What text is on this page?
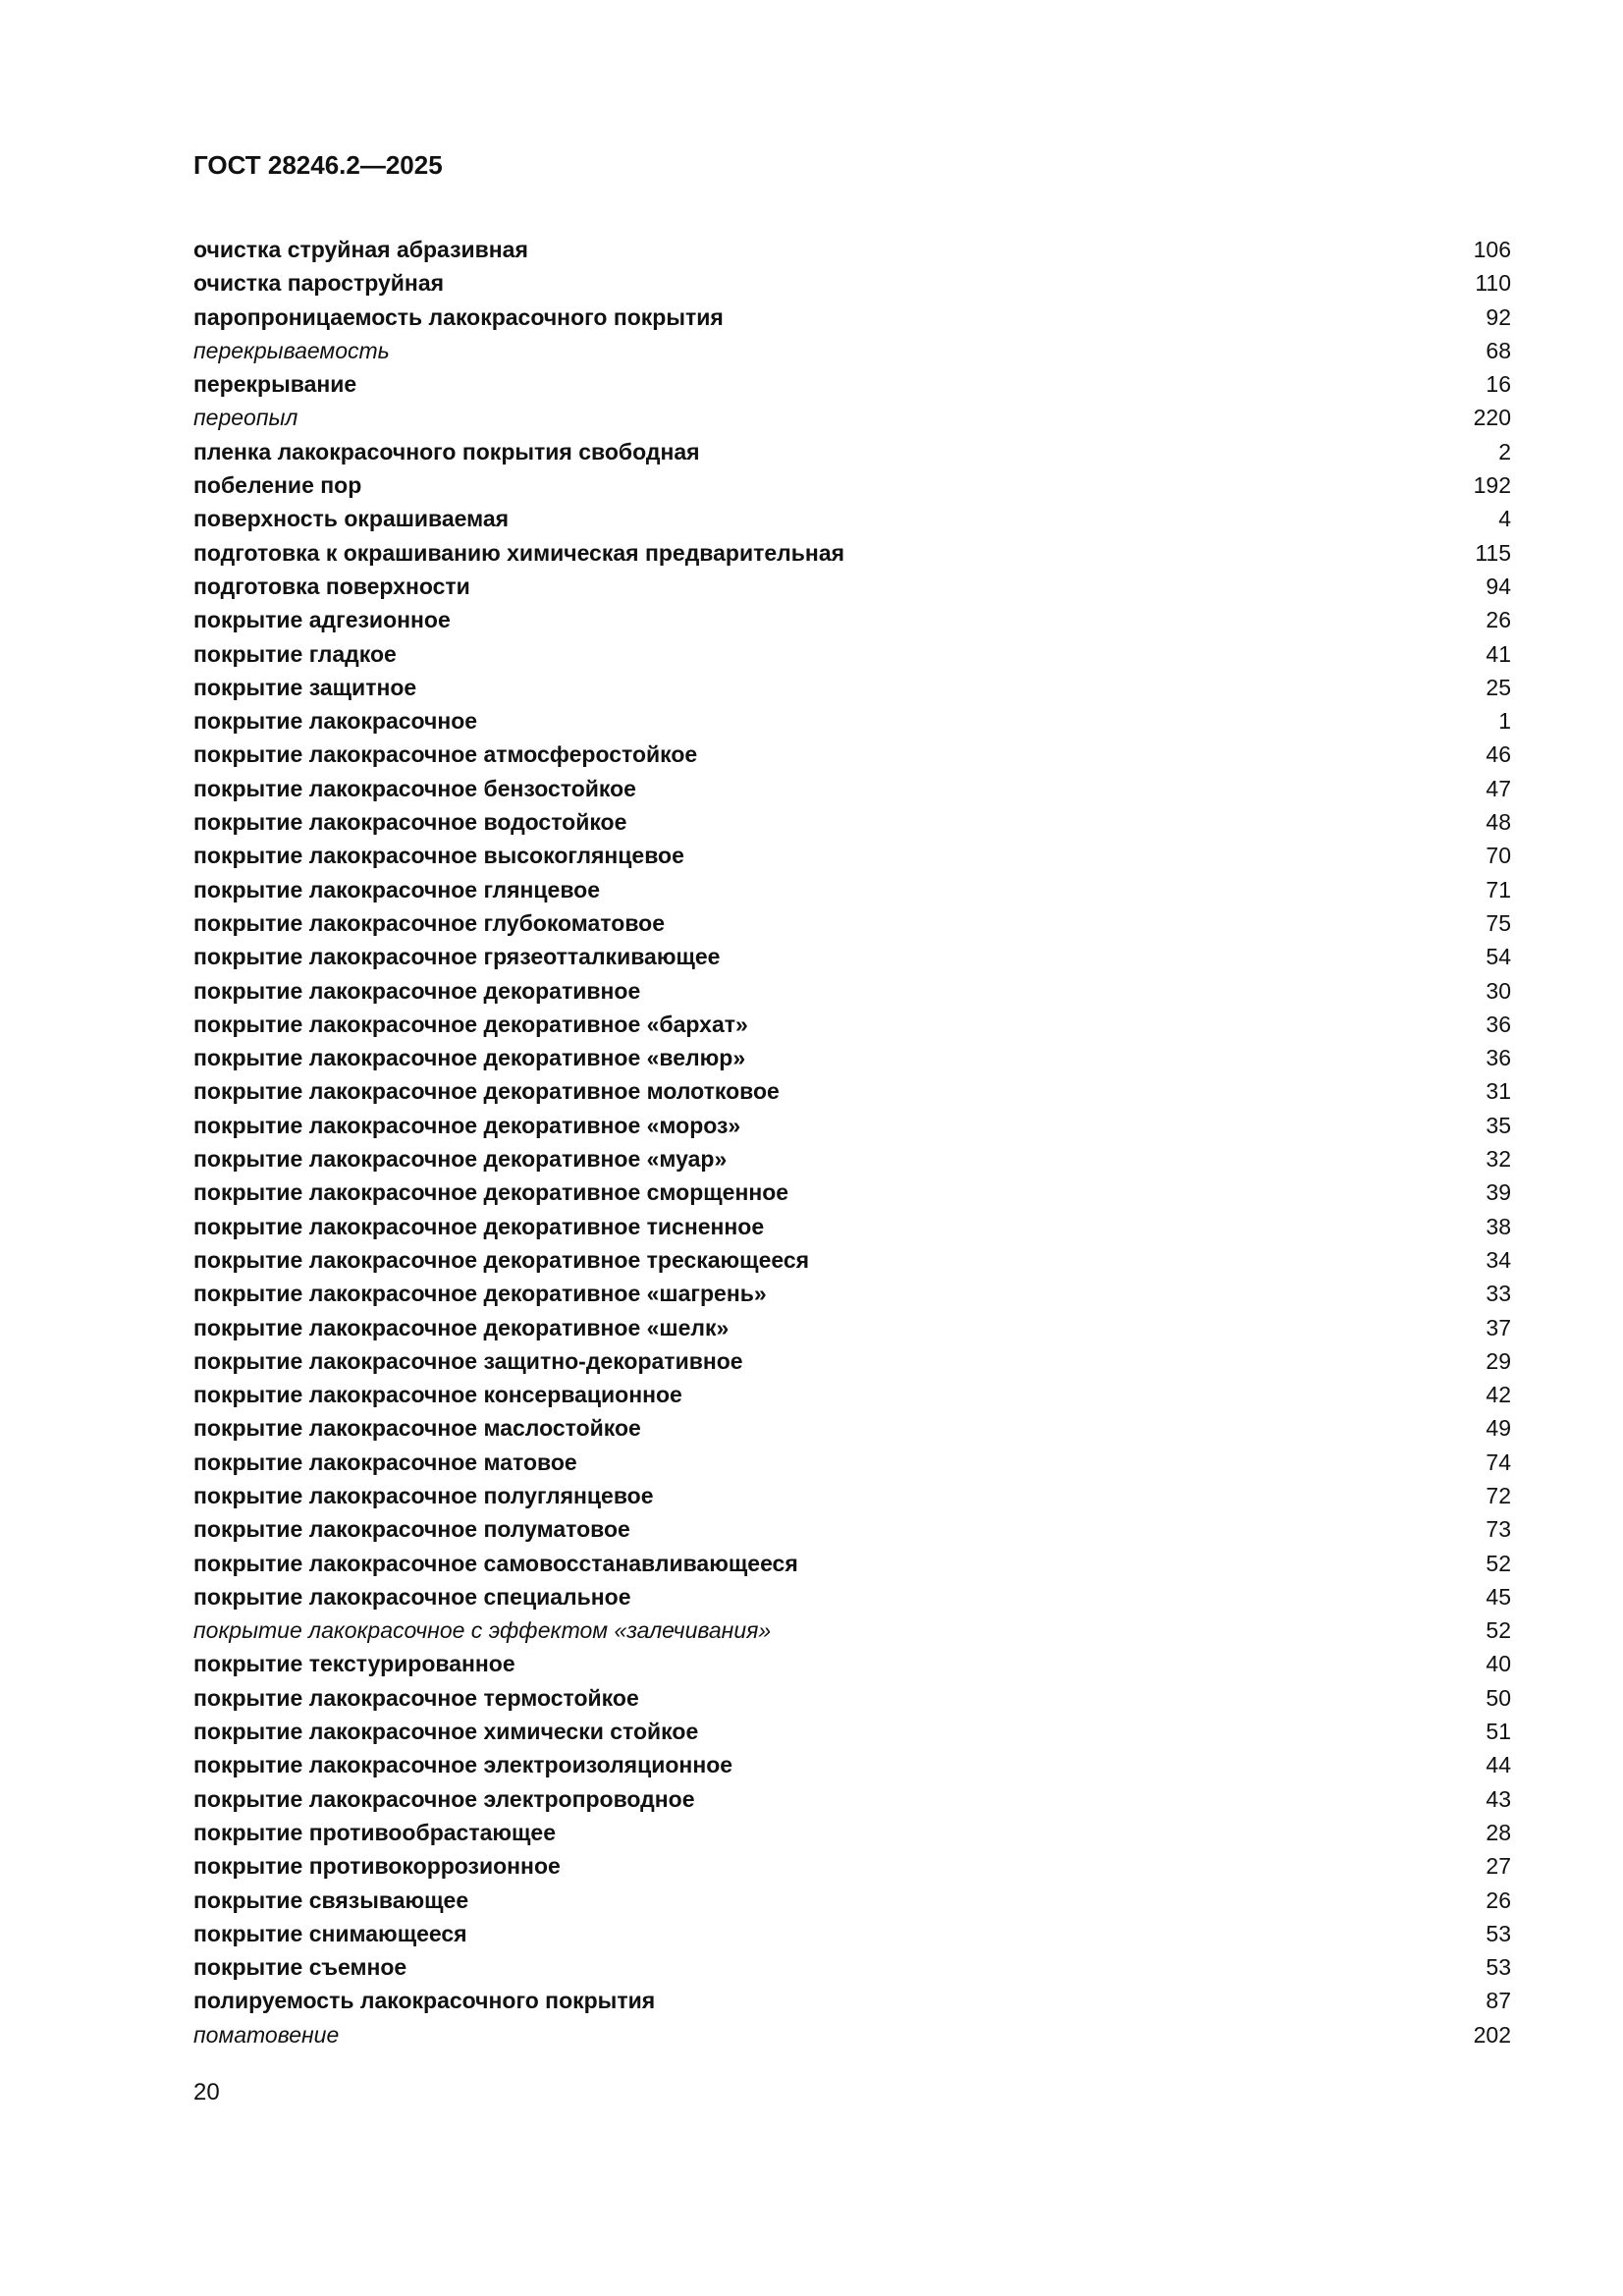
ГОСТ 28246.2—2025
очистка струйная абразивная	106
очистка пароструйная	110
паропроницаемость лакокрасочного покрытия	92
перекрываемость	68
перекрывание	16
переопыл	220
пленка лакокрасочного покрытия свободная	2
побеление пор	192
поверхность окрашиваемая	4
подготовка к окрашиванию химическая предварительная	115
подготовка поверхности	94
покрытие адгезионное	26
покрытие гладкое	41
покрытие защитное	25
покрытие лакокрасочное	1
покрытие лакокрасочное атмосферостойкое	46
покрытие лакокрасочное бензостойкое	47
покрытие лакокрасочное водостойкое	48
покрытие лакокрасочное высокоглянцевое	70
покрытие лакокрасочное глянцевое	71
покрытие лакокрасочное глубокоматовое	75
покрытие лакокрасочное грязеотталкивающее	54
покрытие лакокрасочное декоративное	30
покрытие лакокрасочное декоративное «бархат»	36
покрытие лакокрасочное декоративное «велюр»	36
покрытие лакокрасочное декоративное молотковое	31
покрытие лакокрасочное декоративное «мороз»	35
покрытие лакокрасочное декоративное «муар»	32
покрытие лакокрасочное декоративное сморщенное	39
покрытие лакокрасочное декоративное тисненное	38
покрытие лакокрасочное декоративное трескающееся	34
покрытие лакокрасочное декоративное «шагрень»	33
покрытие лакокрасочное декоративное «шелк»	37
покрытие лакокрасочное защитно-декоративное	29
покрытие лакокрасочное консервационное	42
покрытие лакокрасочное маслостойкое	49
покрытие лакокрасочное матовое	74
покрытие лакокрасочное полуглянцевое	72
покрытие лакокрасочное полуматовое	73
покрытие лакокрасочное самовосстанавливающееся	52
покрытие лакокрасочное специальное	45
покрытие лакокрасочное с эффектом «залечивания»	52
покрытие текстурированное	40
покрытие лакокрасочное термостойкое	50
покрытие лакокрасочное химически стойкое	51
покрытие лакокрасочное электроизоляционное	44
покрытие лакокрасочное электропроводное	43
покрытие противообрастающее	28
покрытие противокоррозионное	27
покрытие связывающее	26
покрытие снимающееся	53
покрытие съемное	53
полируемость лакокрасочного покрытия	87
поматовение	202
20
